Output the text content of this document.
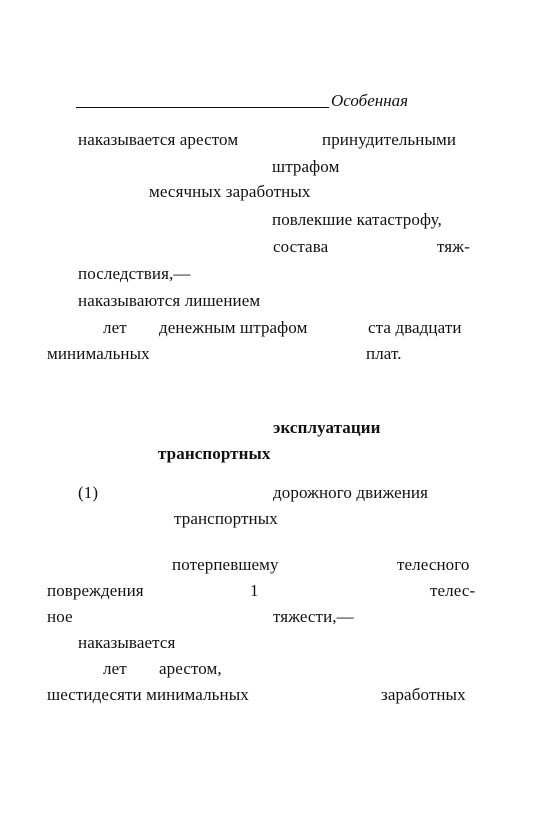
Особенная
наказывается арестом	принудительными
штрафом
месячных заработных
повлекшие катастрофу,
состава	тяж-
последствия,—
наказываются лишением
лет денежным штрафом	ста двадцати
минимальных	плат.
эксплуатации
транспортных
(1)	дорожного движения
транспортных
потерпевшему	телесного
повреждения	1	телес-
ное	тяжести,—
наказывается
лет арестом,
шестидесяти минимальных	заработных
